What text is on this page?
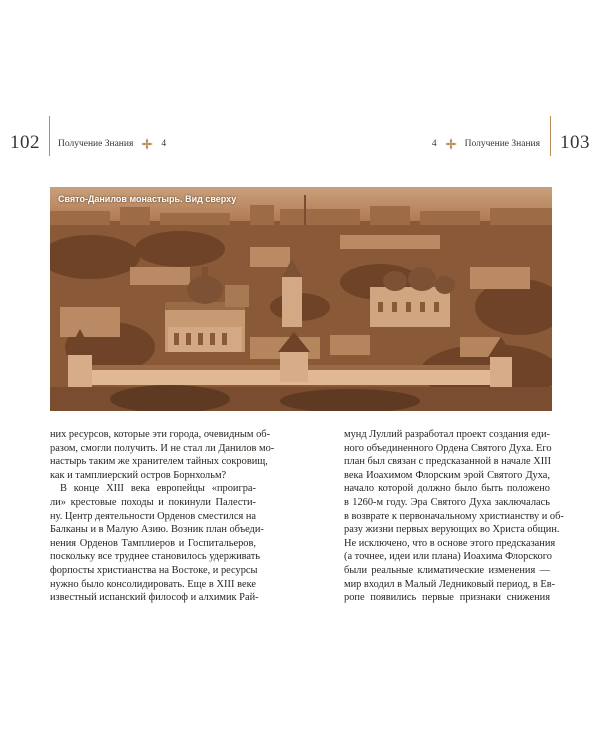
102 Получение Знания	4	4	Получение Знания 103
Свято-Данилов монастырь. Вид сверху
них ресурсов, которые эти города, очевидным об-
разом, смогли получить. И не стал ли Данилов мо-
настырь таким же хранителем тайных сокровищ,
как и тамплиерский остров Борнхольм?
В конце XIII века европейцы «проигра-
ли» крестовые походы и покинули Палести-
ну. Центр деятельности Орденов сместился на
Балканы и в Малую Азию. Возник план объеди-
нения Орденов Тамплиеров и Госпитальеров,
поскольку все труднее становилось удерживать
форпосты христианства на Востоке, и ресурсы
нужно было консолидировать. Еще в XIII веке
известный испанский философ и алхимик Рай-
мунд Луллий разработал проект создания еди-
ного объединенного Ордена Святого Духа. Его
план был связан с предсказанной в начале XIII
века Иоахимом Флорским эрой Святого Духа,
начало которой должно было быть положено
в 1260-м году. Эра Святого Духа заключалась
в возврате к первоначальному христианству и об-
разу жизни первых верующих во Христа общин.
Не исключено, что в основе этого предсказания
(а точнее, идеи или плана) Иоахима Флорского
были реальные климатические изменения —
мир входил в Малый Ледниковый период, в Ев-
ропе появились первые признаки снижения
